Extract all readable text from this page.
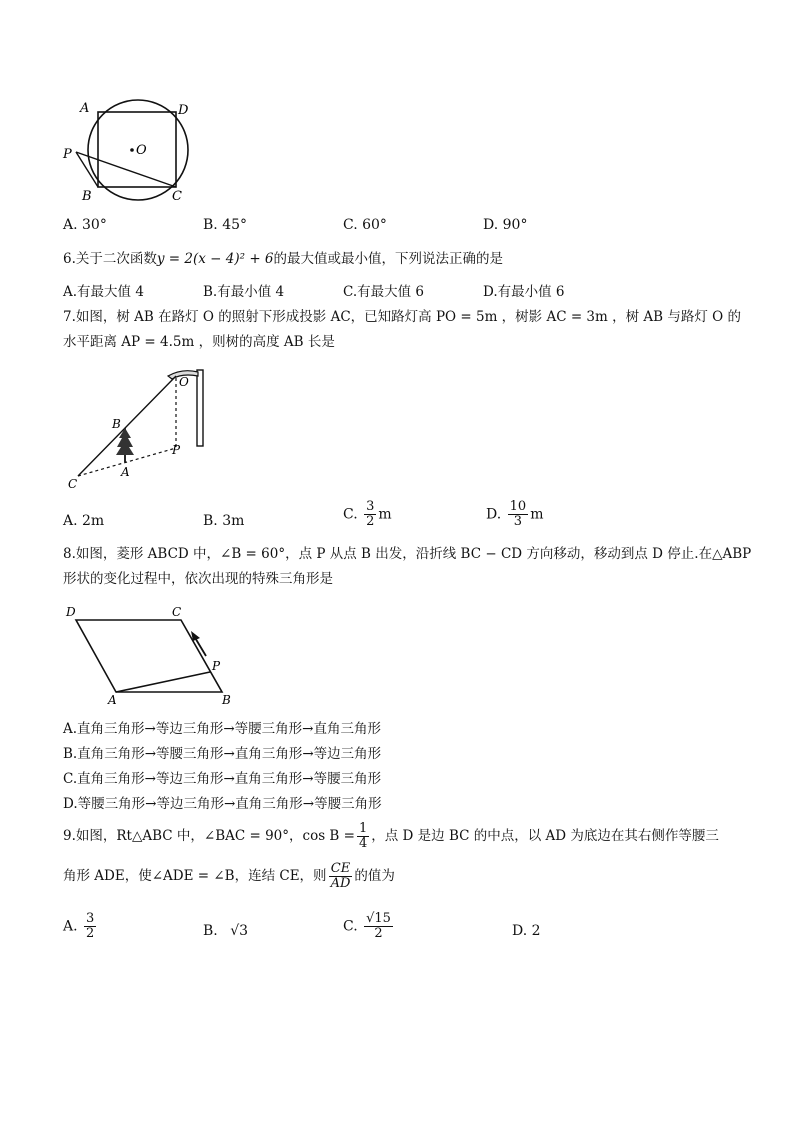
A	D
P	O
B	C
A. 30°	B. 45°	C. 60°	D. 90°
6.关于二次函数y = 2(x − 4)² + 6的最大值或最小值，下列说法正确的是
A.有最大值 4	B.有最小值 4	C.有最大值 6	D.有最小值 6
7.如图，树 AB 在路灯 O 的照射下形成投影 AC，已知路灯高 PO = 5m ，树影 AC = 3m ，树 AB 与路灯 O 的
水平距离 AP = 4.5m ，则树的高度 AB 长是
O
B
P
A
C
A. 2m	B. 3m	C. $\frac{3}{2}$ m	D. $\frac{10}{3}$ m
8.如图，菱形 ABCD 中，∠B = 60°，点 P 从点 B 出发，沿折线 BC − CD 方向移动，移动到点 D 停止.在△ABP
形状的变化过程中，依次出现的特殊三角形是
D	C
P
A	B
A.直角三角形→等边三角形→等腰三角形→直角三角形
B.直角三角形→等腰三角形→直角三角形→等边三角形
C.直角三角形→等边三角形→直角三角形→等腰三角形
D.等腰三角形→等边三角形→直角三角形→等腰三角形
9.如图，Rt△ABC 中，∠BAC = 90°，$\cos B = \frac{1}{4}$ ，点 D 是边 BC 的中点，以 AD 为底边在其右侧作等腰三
角形 ADE，使∠ADE = ∠B，连结 CE，则 $\frac{CE}{AD}$ 的值为
A. $\frac{3}{2}$	B. √3	C. $\frac{√15}{2}$	D. 2
